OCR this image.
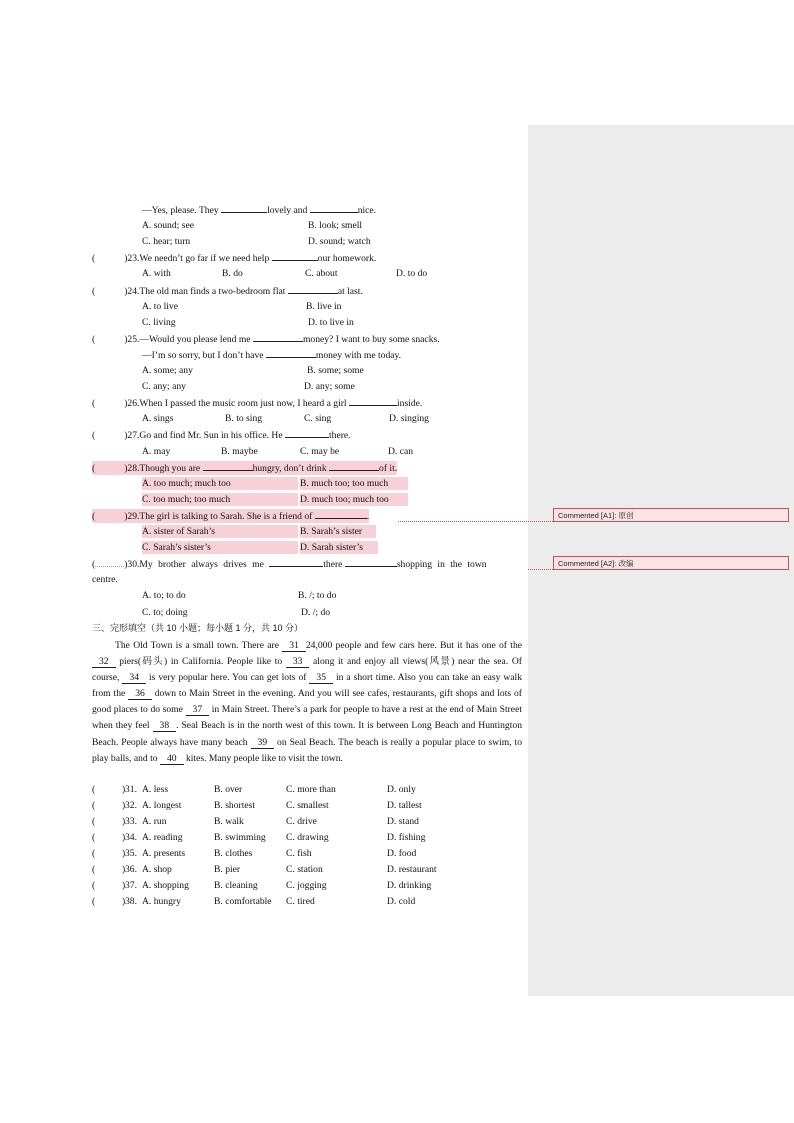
—Yes, please. They	lovely and	nice.
A. sound; see	B. look; smell
C. hear; turn	D. sound; watch
(	)23.We needn’t go far if we need help	our homework.
A. with	B. do	C. about	D. to do
(	)24.The old man finds a two-bedroom flat	at last.
A. to live	B. live in
C. living	D. to live in
(	)25.—Would you please lend me	money? I want to buy some snacks.
—I’m so sorry, but I don’t have	money with me today.
A. some; any	B. some; some
C. any; any	D. any; some
(	)26.When I passed the music room just now, I heard a girl	inside.
A. sings	B. to sing	C. sing	D. singing
(	)27.Go and find Mr. Sun in his office. He	there.
A. may	B. maybe	C. may be	D. can
(	)28.Though you are	hungry, don’t drink	of it.
A. too much; much too	B. much too; too much
C. too much; too much	D. much too; much too
(	)29.The girl is talking to Sarah. She is a friend of	.
A. sister of Sarah’s	B. Sarah’s sister
C. Sarah’s sister’s	D. Sarah sister’s
(	)30.My brother always drives me	there	shopping in the town
centre.
A. to; to do	B. /; to do
C. to; doing	D. /; do
三、完形填空（共 10 小题；每小题 1 分，共 10 分）
The Old Town is a small town. There are 31 24,000 people and few cars here. But it has one of the 32 piers(码头) in California. People like to 33 along it and enjoy all views(风景) near the sea. Of course, 34 is very popular here. You can get lots of 35 in a short time. Also you can take an easy walk from the 36 down to Main Street in the evening. And you will see cafes, restaurants, gift shops and lots of good places to do some 37 in Main Street. There’s a park for people to have a rest at the end of Main Street when they feel 38 . Seal Beach is in the north west of this town. It is between Long Beach and Huntington Beach. People always have many beach 39 on Seal Beach. The beach is really a popular place to swim, to play balls, and to 40 kites. Many people like to visit the town.
(	) 31. A. less	B. over	C. more than	D. only
(	) 32. A. longest	B. shortest	C. smallest	D. tallest
(	) 33. A. run	B. walk	C. drive	D. stand
(	) 34. A. reading	B. swimming C. drawing	D. fishing
(	) 35. A. presents	B. clothes	C. fish	D. food
(	) 36. A. shop	B. pier	C. station	D. restaurant
(	) 37. A. shopping	B. cleaning	C. jogging	D. drinking
(	) 38. A. hungry	B. comfortable C. tired	D. cold
Commented [A1]: 原创
Commented [A2]: 改编
